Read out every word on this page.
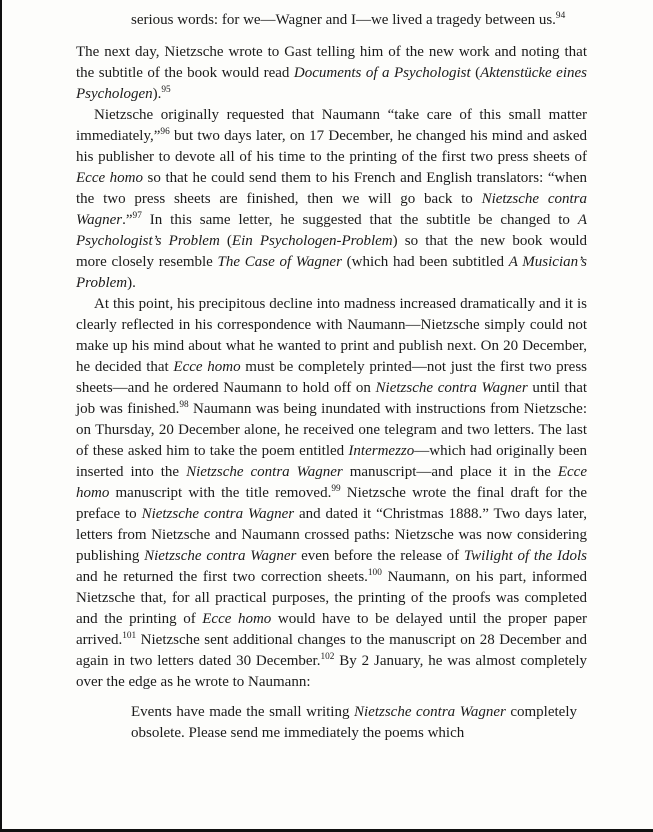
serious words: for we—Wagner and I—we lived a tragedy between us.$^{94}$

The next day, Nietzsche wrote to Gast telling him of the new work and noting that the subtitle of the book would read Documents of a Psychologist (Aktenstücke eines Psychologen).$^{95}$

Nietzsche originally requested that Naumann “take care of this small matter immediately,”$^{96}$ but two days later, on 17 December, he changed his mind and asked his publisher to devote all of his time to the printing of the first two press sheets of Ecce homo so that he could send them to his French and English translators: “when the two press sheets are finished, then we will go back to Nietzsche contra Wagner.”$^{97}$ In this same letter, he suggested that the subtitle be changed to A Psychologist’s Problem (Ein Psychologen-Problem) so that the new book would more closely resemble The Case of Wagner (which had been subtitled A Musician’s Problem).

At this point, his precipitous decline into madness increased dramatically and it is clearly reflected in his correspondence with Naumann—Nietzsche simply could not make up his mind about what he wanted to print and publish next. On 20 December, he decided that Ecce homo must be completely printed—not just the first two press sheets—and he ordered Naumann to hold off on Nietzsche contra Wagner until that job was finished.$^{98}$ Naumann was being inundated with instructions from Nietzsche: on Thursday, 20 December alone, he received one telegram and two letters. The last of these asked him to take the poem entitled Intermezzo—which had originally been inserted into the Nietzsche contra Wagner manuscript—and place it in the Ecce homo manuscript with the title removed.$^{99}$ Nietzsche wrote the final draft for the preface to Nietzsche contra Wagner and dated it “Christmas 1888.” Two days later, letters from Nietzsche and Naumann crossed paths: Nietzsche was now considering publishing Nietzsche contra Wagner even before the release of Twilight of the Idols and he returned the first two correction sheets.$^{100}$ Naumann, on his part, informed Nietzsche that, for all practical purposes, the printing of the proofs was completed and the printing of Ecce homo would have to be delayed until the proper paper arrived.$^{101}$ Nietzsche sent additional changes to the manuscript on 28 December and again in two letters dated 30 December.$^{102}$ By 2 January, he was almost completely over the edge as he wrote to Naumann:

Events have made the small writing Nietzsche contra Wagner completely obsolete. Please send me immediately the poems which
